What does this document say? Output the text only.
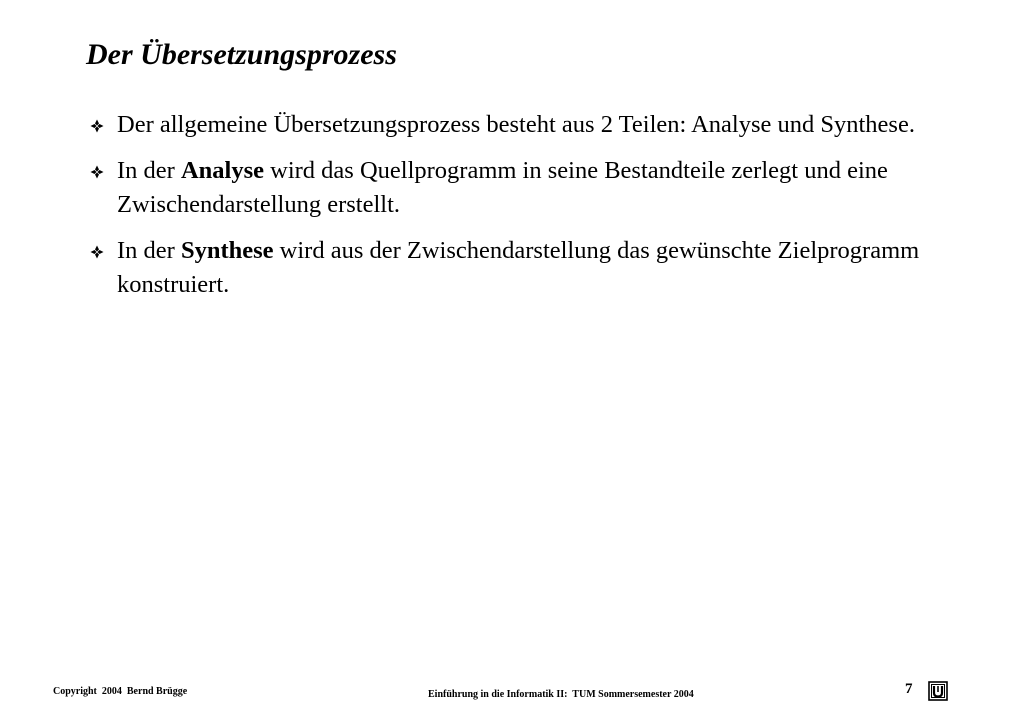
Der Übersetzungsprozess
Der allgemeine Übersetzungsprozess besteht aus 2 Teilen: Analyse und Synthese.
In der Analyse wird das Quellprogramm in seine Bestandteile zerlegt und eine Zwischendarstellung erstellt.
In der Synthese wird aus der Zwischendarstellung das gewünschte Zielprogramm konstruiert.
Copyright  2004  Bernd Brügge	Einführung in die Informatik II:  TUM Sommersemester 2004	7
